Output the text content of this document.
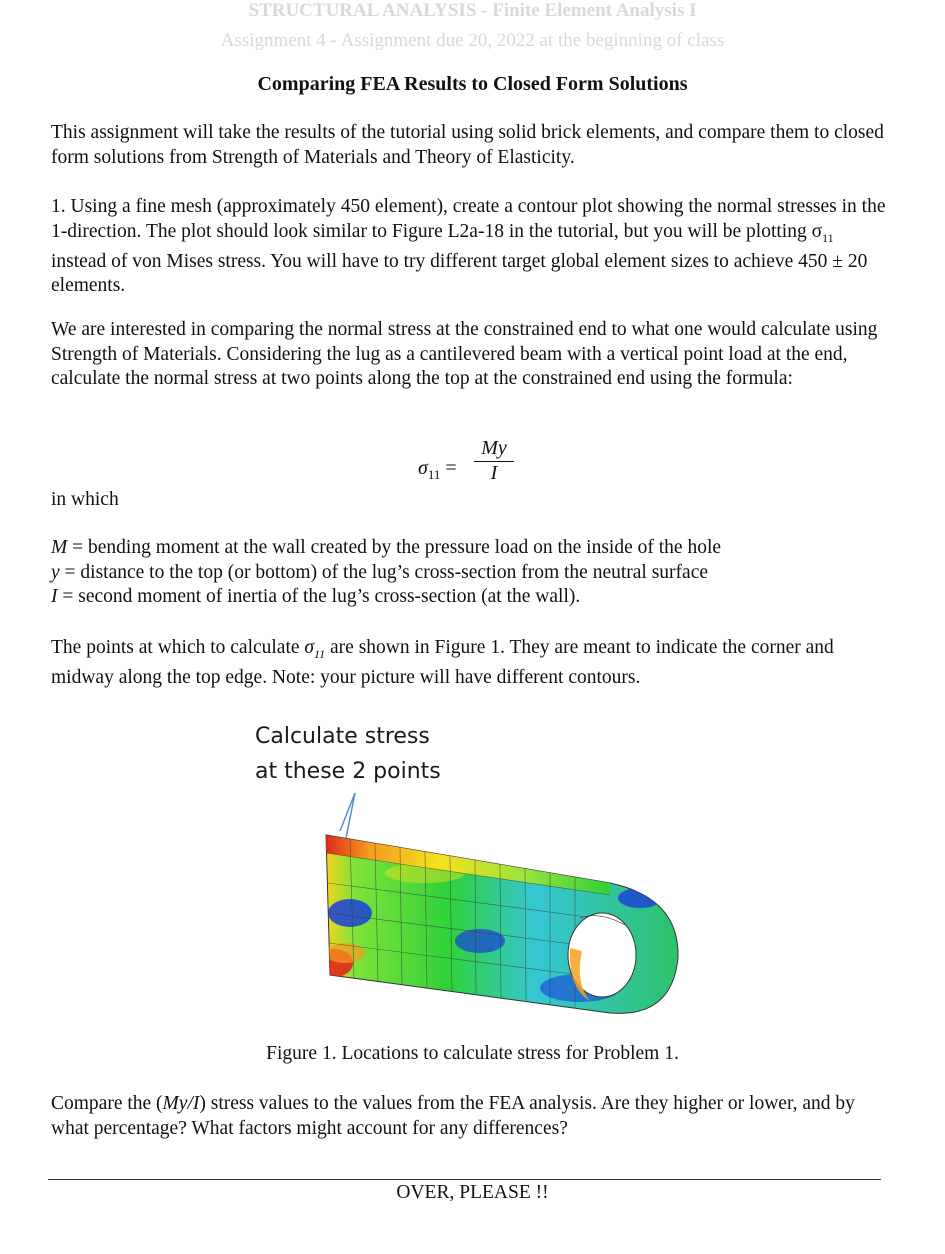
STRUCTURAL ANALYSIS - Finite Element Analysis I
Assignment 4 - Assignment due 20, 2022 at the beginning of class
Comparing FEA Results to Closed Form Solutions

This assignment will take the results of the tutorial using solid brick elements, and compare them to closed form solutions from Strength of Materials and Theory of Elasticity.

1. Using a fine mesh (approximately 450 element), create a contour plot showing the normal stresses in the 1-direction. The plot should look similar to Figure L2a-18 in the tutorial, but you will be plotting $\sigma_{11}$ instead of von Mises stress. You will have to try different target global element sizes to achieve 450 ± 20 elements.

We are interested in comparing the normal stress at the constrained end to what one would calculate using Strength of Materials. Considering the lug as a cantilevered beam with a vertical point load at the end, calculate the normal stress at two points along the top at the constrained end using the formula:

$\sigma_{11} = \frac{My}{I}$

in which

M = bending moment at the wall created by the pressure load on the inside of the hole
y = distance to the top (or bottom) of the lug’s cross-section from the neutral surface
I = second moment of inertia of the lug’s cross-section (at the wall).

The points at which to calculate $\sigma_{11}$ are shown in Figure 1. They are meant to indicate the corner and midway along the top edge. Note: your picture will have different contours.

Calculate stress
at these 2 points
Figure 1. Locations to calculate stress for Problem 1.

Compare the (My/I) stress values to the values from the FEA analysis. Are they higher or lower, and by what percentage? What factors might account for any differences?

OVER, PLEASE !!
